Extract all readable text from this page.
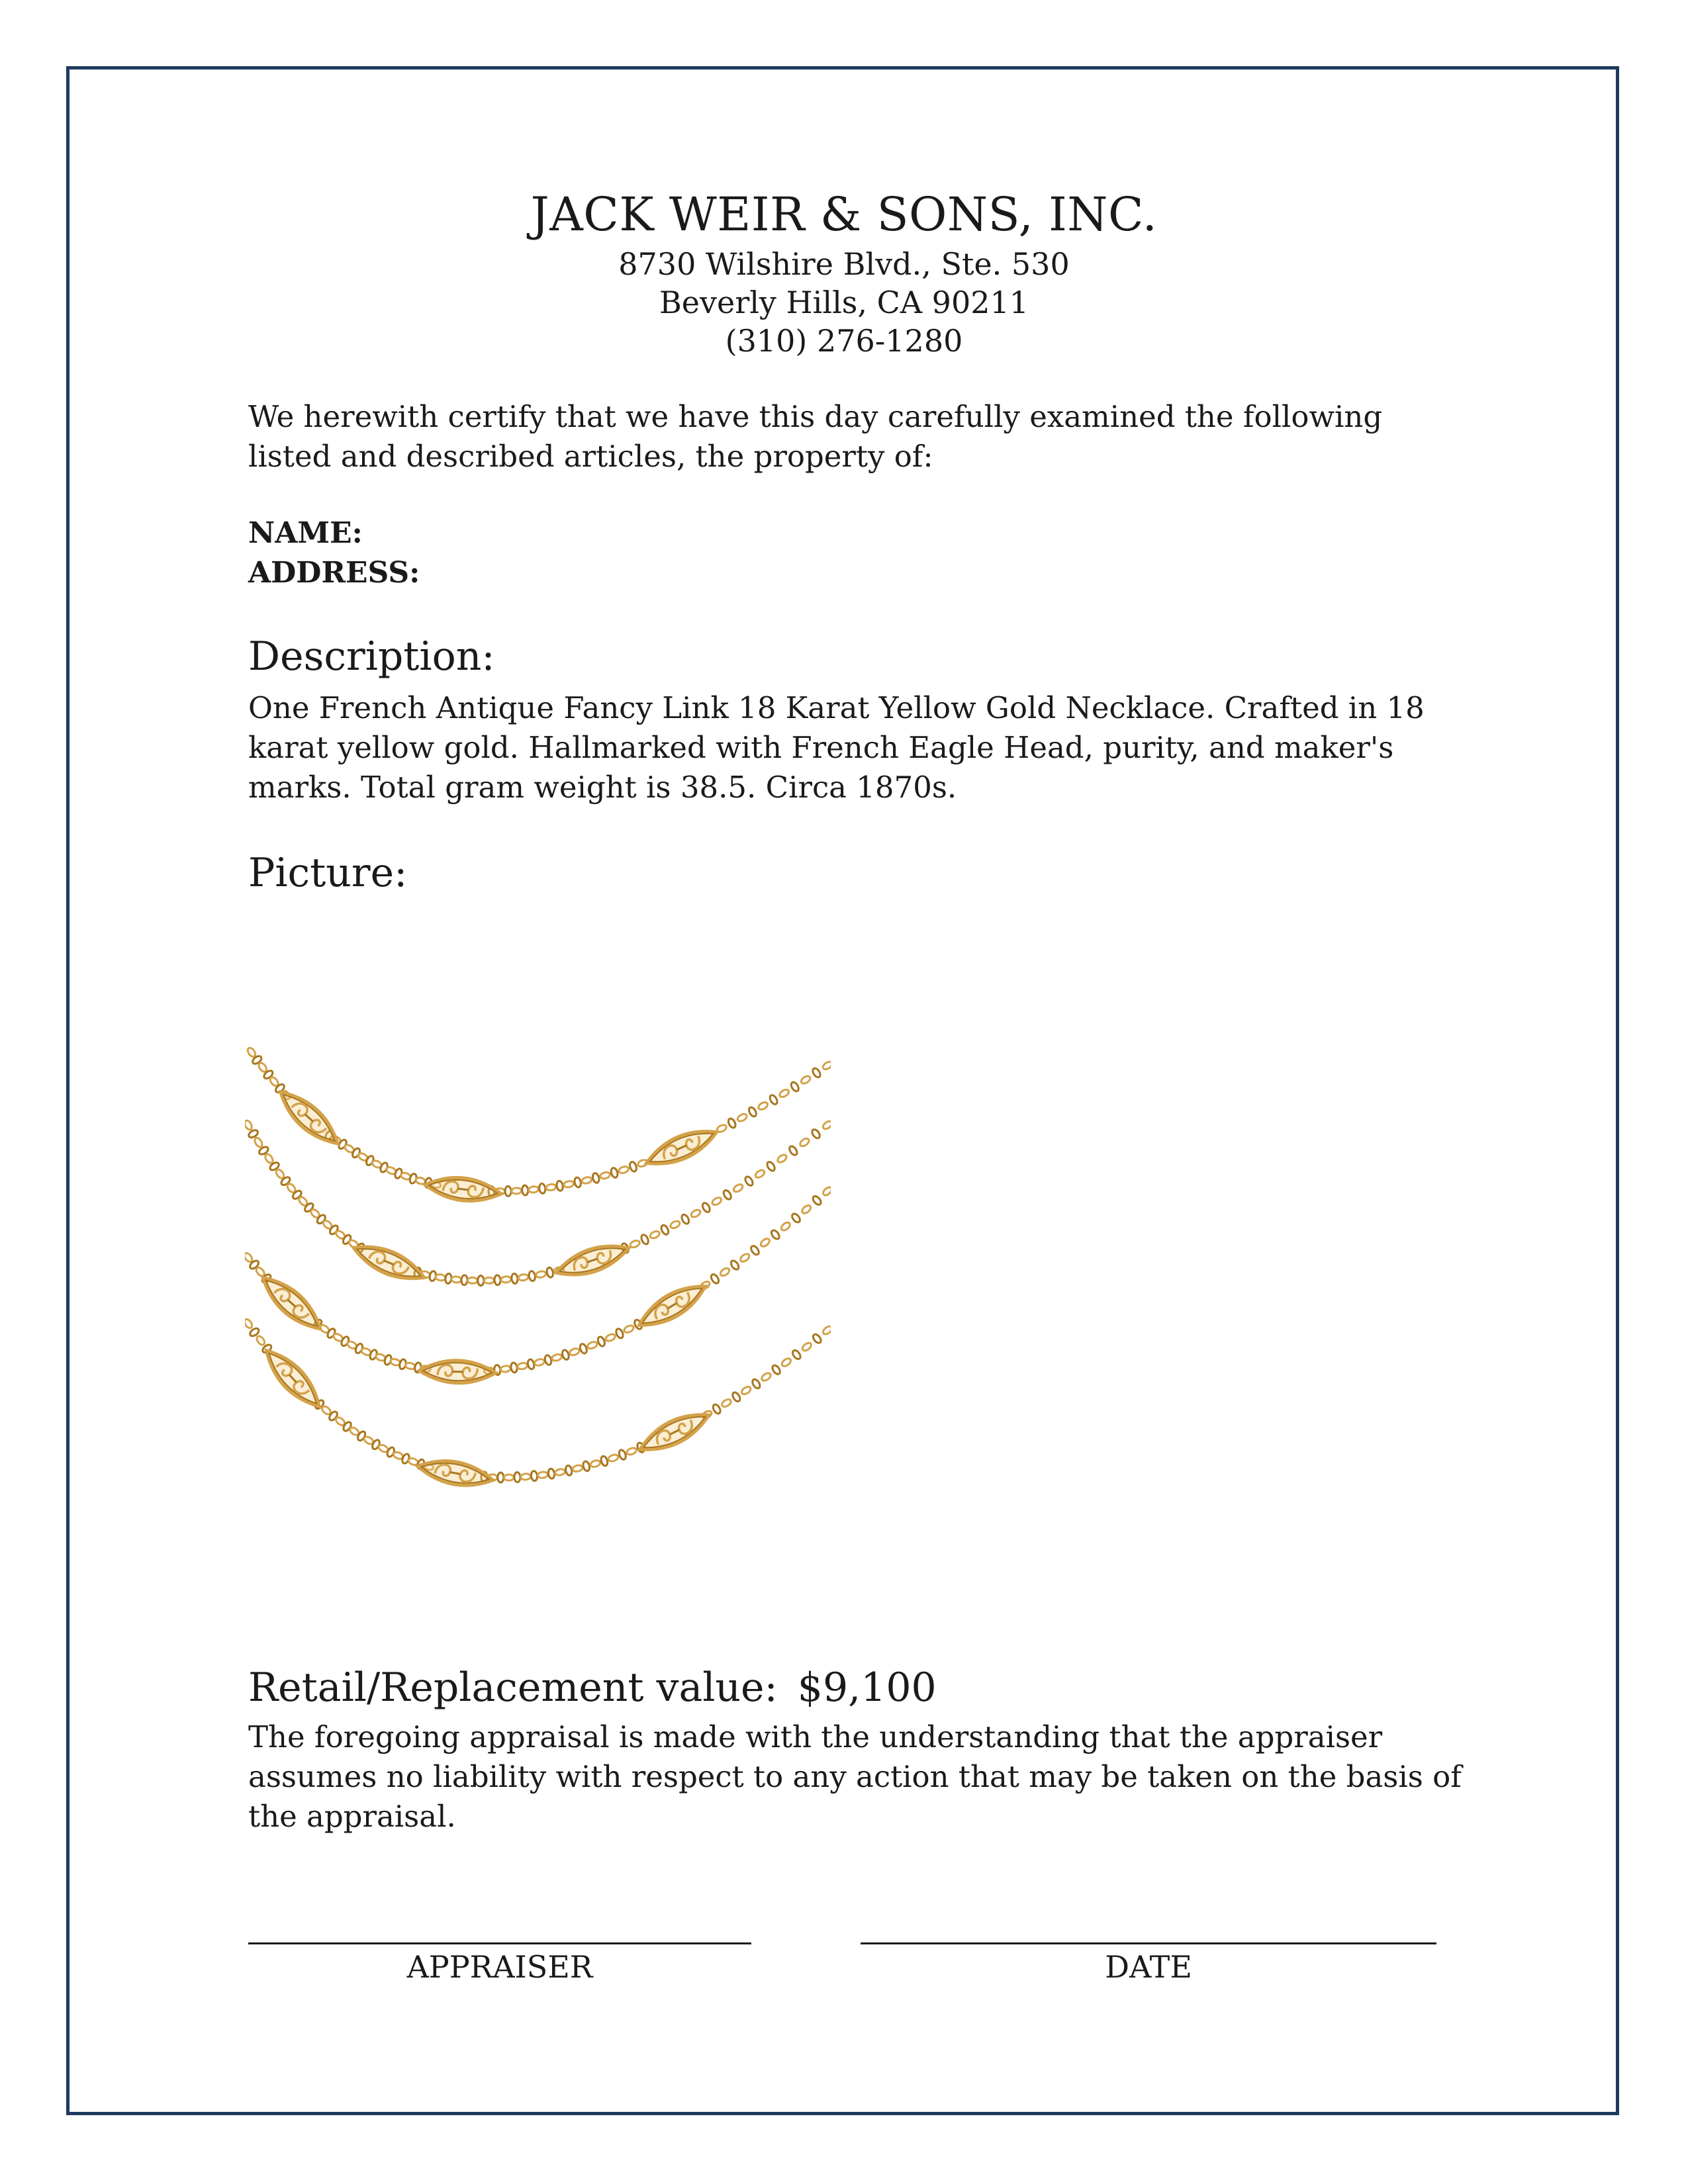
JACK WEIR & SONS, INC.
8730 Wilshire Blvd., Ste. 530
Beverly Hills, CA 90211
(310) 276-1280
We herewith certify that we have this day carefully examined the following listed and described articles, the property of:
NAME:
ADDRESS:
Description:
One French Antique Fancy Link 18 Karat Yellow Gold Necklace. Crafted in 18 karat yellow gold. Hallmarked with French Eagle Head, purity, and maker's marks. Total gram weight is 38.5. Circa 1870s.
Picture:
Retail/Replacement value: $9,100
The foregoing appraisal is made with the understanding that the appraiser assumes no liability with respect to any action that may be taken on the basis of the appraisal.
APPRAISER	DATE
